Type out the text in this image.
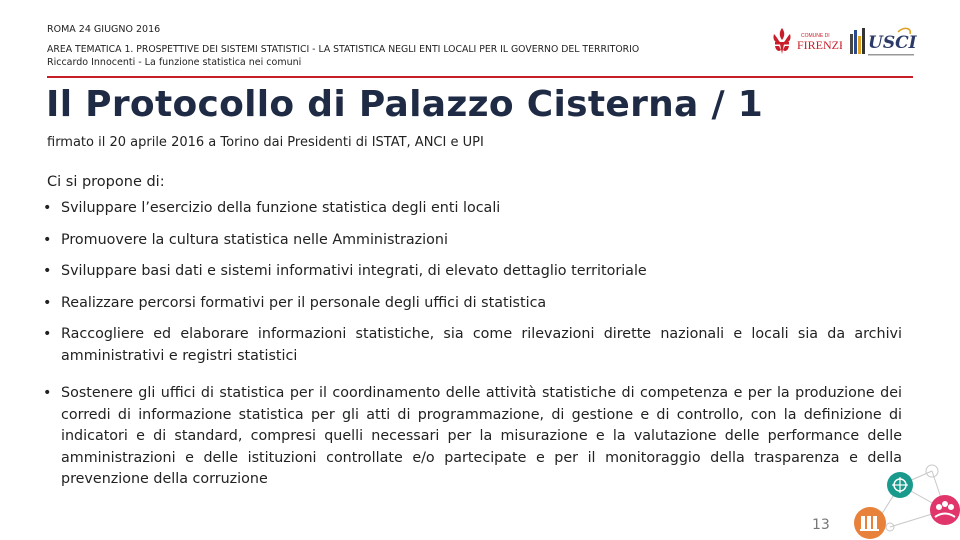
ROMA 24 GIUGNO 2016
AREA TEMATICA 1. PROSPETTIVE DEI SISTEMI STATISTICI - LA STATISTICA NEGLI ENTI LOCALI PER IL GOVERNO DEL TERRITORIO
Riccardo Innocenti - La funzione statistica nei comuni
COMUNE DI
FIRENZE USCI
Il Protocollo di Palazzo Cisterna / 1
firmato il 20 aprile 2016 a Torino dai Presidenti di ISTAT, ANCI e UPI
Ci si propone di:
• Sviluppare l’esercizio della funzione statistica degli enti locali
• Promuovere la cultura statistica nelle Amministrazioni
• Sviluppare basi dati e sistemi informativi integrati, di elevato dettaglio territoriale
• Realizzare percorsi formativi per il personale degli uffici di statistica
• Raccogliere ed elaborare informazioni statistiche, sia come rilevazioni dirette nazionali e locali sia da archivi amministrativi e registri statistici
• Sostenere gli uffici di statistica per il coordinamento delle attività statistiche di competenza e per la produzione dei corredi di informazione statistica per gli atti di programmazione, di gestione e di controllo, con la definizione di indicatori e di standard, compresi quelli necessari per la misurazione e la valutazione delle performance delle amministrazioni e delle istituzioni controllate e/o partecipate e per il monitoraggio della trasparenza e della prevenzione della corruzione
13
